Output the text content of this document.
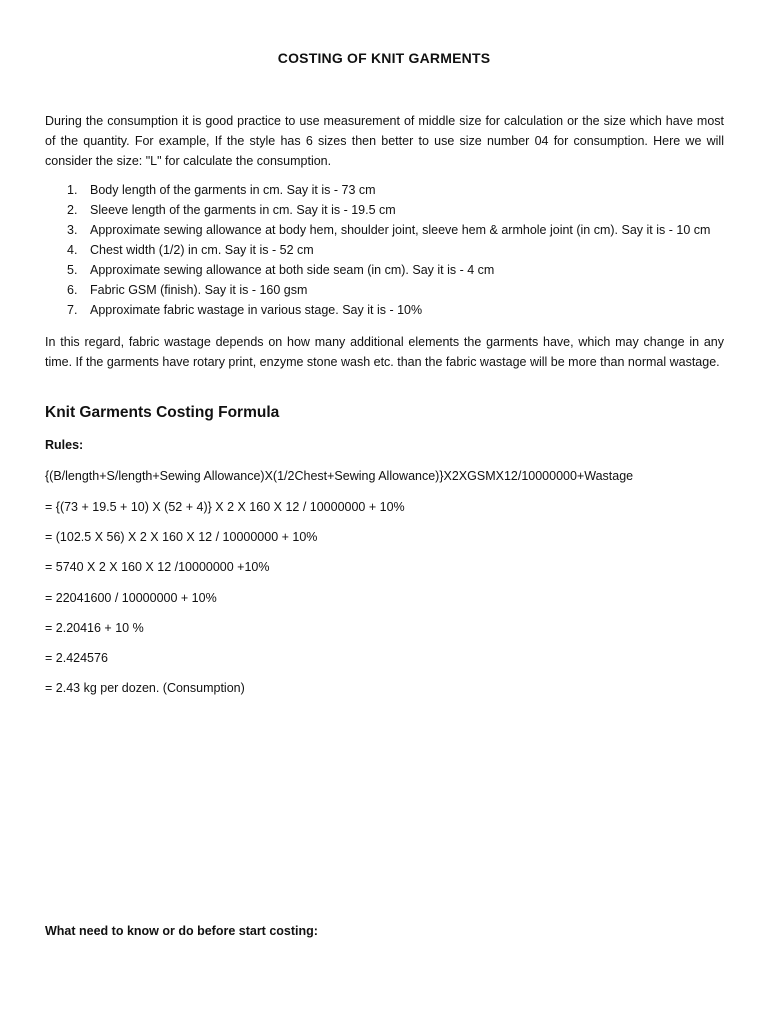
COSTING OF KNIT GARMENTS

During the consumption it is good practice to use measurement of middle size for calculation or the size which have most of the quantity. For example, If the style has 6 sizes then better to use size number 04 for consumption. Here we will consider the size: "L" for calculate the consumption.

1.	Body length of the garments in cm. Say it is - 73 cm
2.	Sleeve length of the garments in cm. Say it is - 19.5 cm
3.	Approximate sewing allowance at body hem, shoulder joint, sleeve hem & armhole joint (in cm). Say it is - 10 cm
4.	Chest width (1/2) in cm. Say it is - 52 cm
5.	Approximate sewing allowance at both side seam (in cm). Say it is - 4 cm
6.	Fabric GSM (finish). Say it is - 160 gsm
7.	Approximate fabric wastage in various stage. Say it is - 10%

In this regard, fabric wastage depends on how many additional elements the garments have, which may change in any time. If the garments have rotary print, enzyme stone wash etc. than the fabric wastage will be more than normal wastage.

Knit Garments Costing Formula

Rules:

{(B/length+S/length+Sewing Allowance)X(1/2Chest+Sewing Allowance)}X2XGSMX12/10000000+Wastage

= {(73 + 19.5 + 10) X (52 + 4)} X 2 X 160 X 12 / 10000000 + 10%

= (102.5 X 56) X 2 X 160 X 12 / 10000000 + 10%

= 5740 X 2 X 160 X 12 /10000000 +10%

= 22041600 / 10000000 + 10%

= 2.20416 + 10 %

= 2.424576

= 2.43 kg per dozen. (Consumption)

What need to know or do before start costing:
